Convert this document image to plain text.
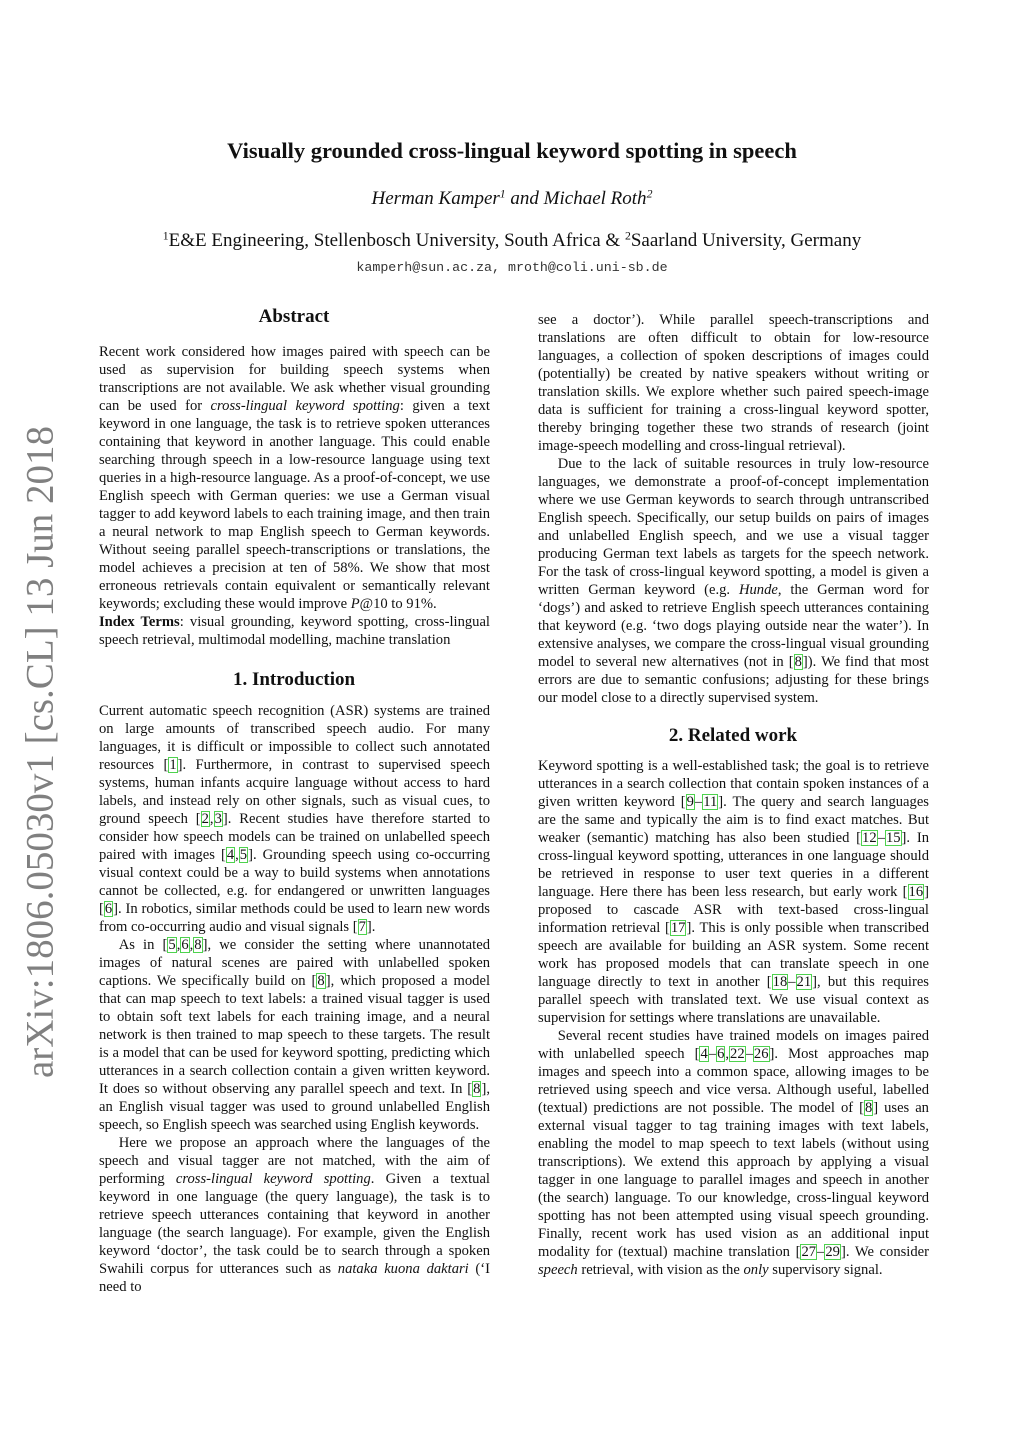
arXiv:1806.05030v1 [cs.CL] 13 Jun 2018
Visually grounded cross-lingual keyword spotting in speech
Herman Kamper$^1$ and Michael Roth$^2$
$^1$E&E Engineering, Stellenbosch University, South Africa & $^2$Saarland University, Germany
kamperh@sun.ac.za, mroth@coli.uni-sb.de
Abstract

Recent work considered how images paired with speech can be used as supervision for building speech systems when transcriptions are not available. We ask whether visual grounding can be used for cross-lingual keyword spotting: given a text keyword in one language, the task is to retrieve spoken utterances containing that keyword in another language. This could enable searching through speech in a low-resource language using text queries in a high-resource language. As a proof-of-concept, we use English speech with German queries: we use a German visual tagger to add keyword labels to each training image, and then train a neural network to map English speech to German keywords. Without seeing parallel speech-transcriptions or translations, the model achieves a precision at ten of 58%. We show that most erroneous retrievals contain equivalent or semantically relevant keywords; excluding these would improve P@10 to 91%.

Index Terms: visual grounding, keyword spotting, cross-lingual speech retrieval, multimodal modelling, machine translation

1. Introduction

Current automatic speech recognition (ASR) systems are trained on large amounts of transcribed speech audio. For many languages, it is difficult or impossible to collect such annotated resources [1]. Furthermore, in contrast to supervised speech systems, human infants acquire language without access to hard labels, and instead rely on other signals, such as visual cues, to ground speech [2,3]. Recent studies have therefore started to consider how speech models can be trained on unlabelled speech paired with images [4,5]. Grounding speech using co-occurring visual context could be a way to build systems when annotations cannot be collected, e.g. for endangered or unwritten languages [6]. In robotics, similar methods could be used to learn new words from co-occurring audio and visual signals [7].

As in [5,6,8], we consider the setting where unannotated images of natural scenes are paired with unlabelled spoken captions. We specifically build on [8], which proposed a model that can map speech to text labels: a trained visual tagger is used to obtain soft text labels for each training image, and a neural network is then trained to map speech to these targets. The result is a model that can be used for keyword spotting, predicting which utterances in a search collection contain a given written keyword. It does so without observing any parallel speech and text. In [8], an English visual tagger was used to ground unlabelled English speech, so English speech was searched using English keywords.

Here we propose an approach where the languages of the speech and visual tagger are not matched, with the aim of performing cross-lingual keyword spotting. Given a textual keyword in one language (the query language), the task is to retrieve speech utterances containing that keyword in another language (the search language). For example, given the English keyword ‘doctor’, the task could be to search through a spoken Swahili corpus for utterances such as nataka kuona daktari (‘I need to

see a doctor’). While parallel speech-transcriptions and translations are often difficult to obtain for low-resource languages, a collection of spoken descriptions of images could (potentially) be created by native speakers without writing or translation skills. We explore whether such paired speech-image data is sufficient for training a cross-lingual keyword spotter, thereby bringing together these two strands of research (joint image-speech modelling and cross-lingual retrieval).

Due to the lack of suitable resources in truly low-resource languages, we demonstrate a proof-of-concept implementation where we use German keywords to search through untranscribed English speech. Specifically, our setup builds on pairs of images and unlabelled English speech, and we use a visual tagger producing German text labels as targets for the speech network. For the task of cross-lingual keyword spotting, a model is given a written German keyword (e.g. Hunde, the German word for ‘dogs’) and asked to retrieve English speech utterances containing that keyword (e.g. ‘two dogs playing outside near the water’). In extensive analyses, we compare the cross-lingual visual grounding model to several new alternatives (not in [8]). We find that most errors are due to semantic confusions; adjusting for these brings our model close to a directly supervised system.

2. Related work

Keyword spotting is a well-established task; the goal is to retrieve utterances in a search collection that contain spoken instances of a given written keyword [9–11]. The query and search languages are the same and typically the aim is to find exact matches. But weaker (semantic) matching has also been studied [12–15]. In cross-lingual keyword spotting, utterances in one language should be retrieved in response to user text queries in a different language. Here there has been less research, but early work [16] proposed to cascade ASR with text-based cross-lingual information retrieval [17]. This is only possible when transcribed speech are available for building an ASR system. Some recent work has proposed models that can translate speech in one language directly to text in another [18–21], but this requires parallel speech with translated text. We use visual context as supervision for settings where translations are unavailable.

Several recent studies have trained models on images paired with unlabelled speech [4–6,22–26]. Most approaches map images and speech into a common space, allowing images to be retrieved using speech and vice versa. Although useful, labelled (textual) predictions are not possible. The model of [8] uses an external visual tagger to tag training images with text labels, enabling the model to map speech to text labels (without using transcriptions). We extend this approach by applying a visual tagger in one language to parallel images and speech in another (the search) language. To our knowledge, cross-lingual keyword spotting has not been attempted using visual speech grounding. Finally, recent work has used vision as an additional input modality for (textual) machine translation [27–29]. We consider speech retrieval, with vision as the only supervisory signal.
